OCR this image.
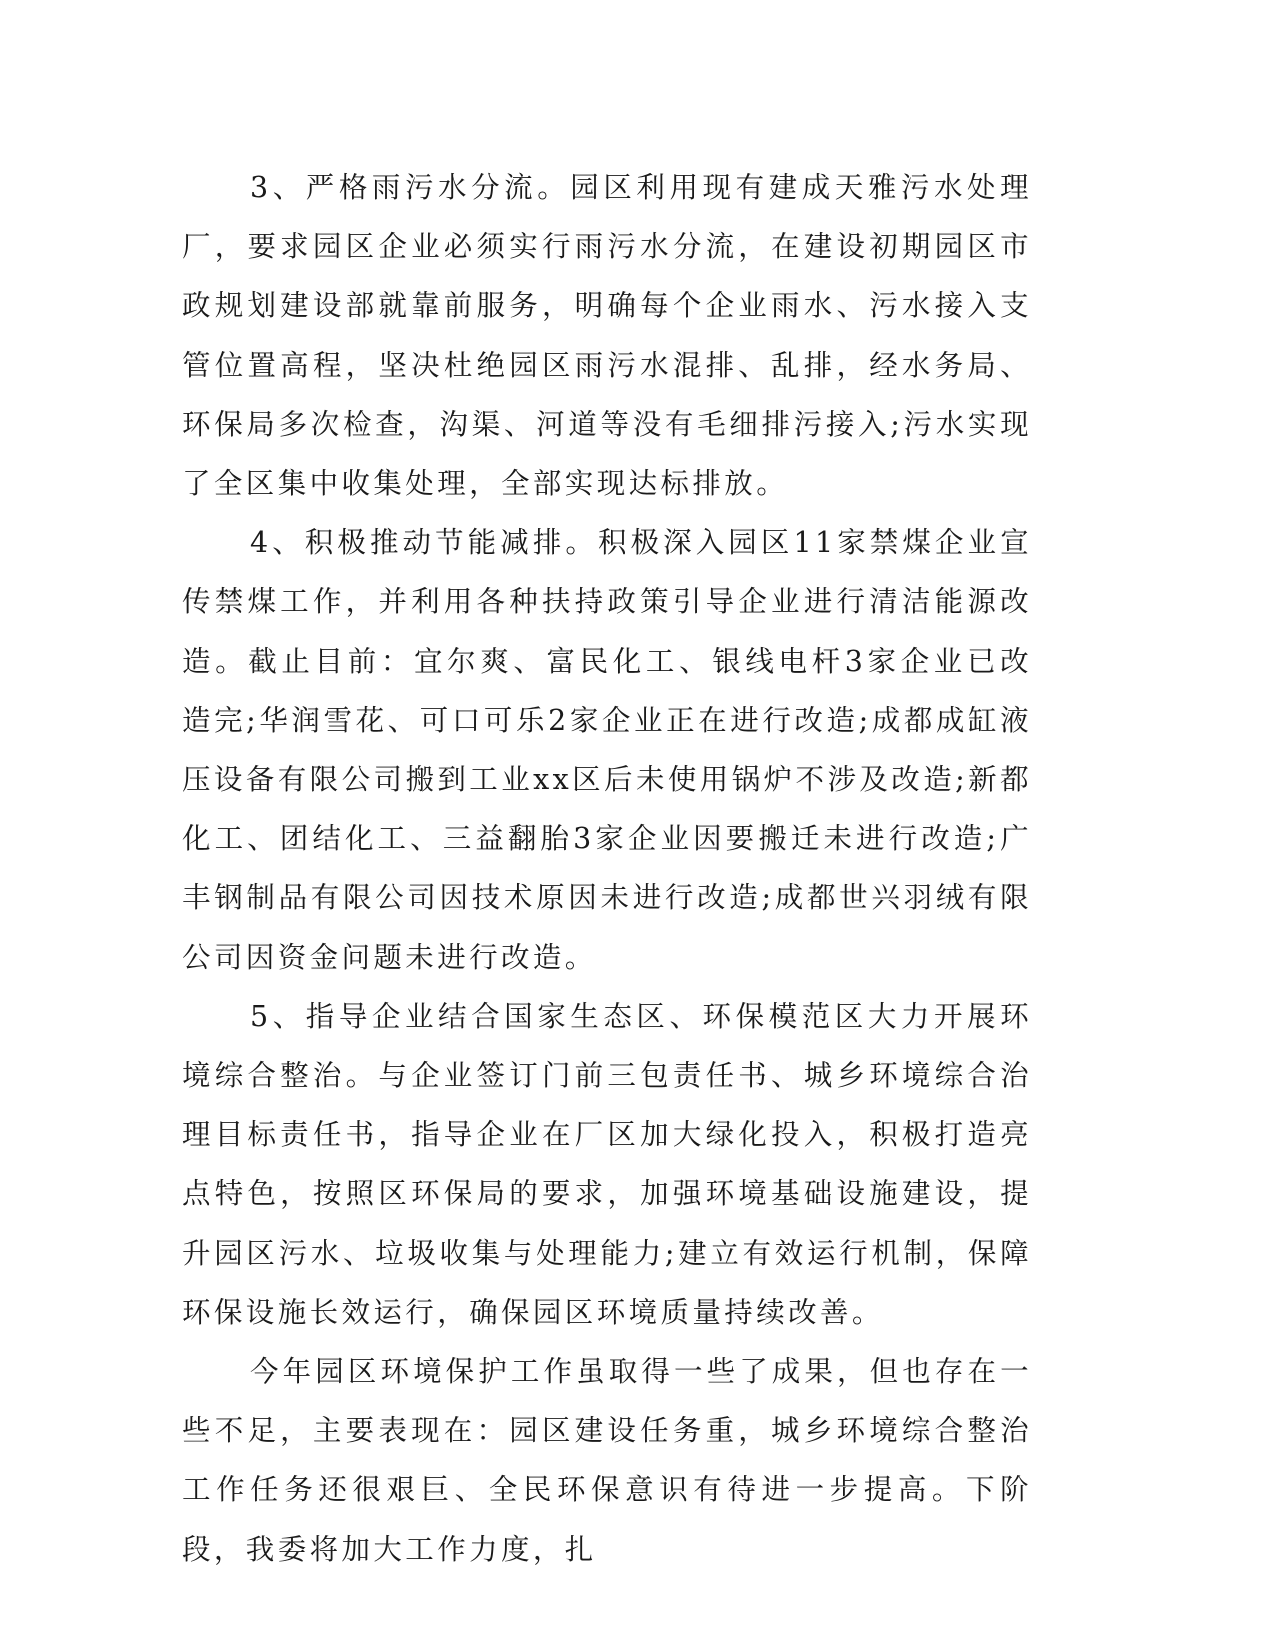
3、严格雨污水分流。园区利用现有建成天雅污水处理厂，要求园区企业必须实行雨污水分流，在建设初期园区市政规划建设部就靠前服务，明确每个企业雨水、污水接入支管位置高程，坚决杜绝园区雨污水混排、乱排，经水务局、环保局多次检查，沟渠、河道等没有毛细排污接入;污水实现了全区集中收集处理，全部实现达标排放。

4、积极推动节能减排。积极深入园区11家禁煤企业宣传禁煤工作，并利用各种扶持政策引导企业进行清洁能源改造。截止目前：宜尔爽、富民化工、银线电杆3家企业已改造完;华润雪花、可口可乐2家企业正在进行改造;成都成缸液压设备有限公司搬到工业xx区后未使用锅炉不涉及改造;新都化工、团结化工、三益翻胎3家企业因要搬迁未进行改造;广丰钢制品有限公司因技术原因未进行改造;成都世兴羽绒有限公司因资金问题未进行改造。

5、指导企业结合国家生态区、环保模范区大力开展环境综合整治。与企业签订门前三包责任书、城乡环境综合治理目标责任书，指导企业在厂区加大绿化投入，积极打造亮点特色，按照区环保局的要求，加强环境基础设施建设，提升园区污水、垃圾收集与处理能力;建立有效运行机制，保障环保设施长效运行，确保园区环境质量持续改善。

今年园区环境保护工作虽取得一些了成果，但也存在一些不足，主要表现在：园区建设任务重，城乡环境综合整治工作任务还很艰巨、全民环保意识有待进一步提高。下阶段，我委将加大工作力度，扎
